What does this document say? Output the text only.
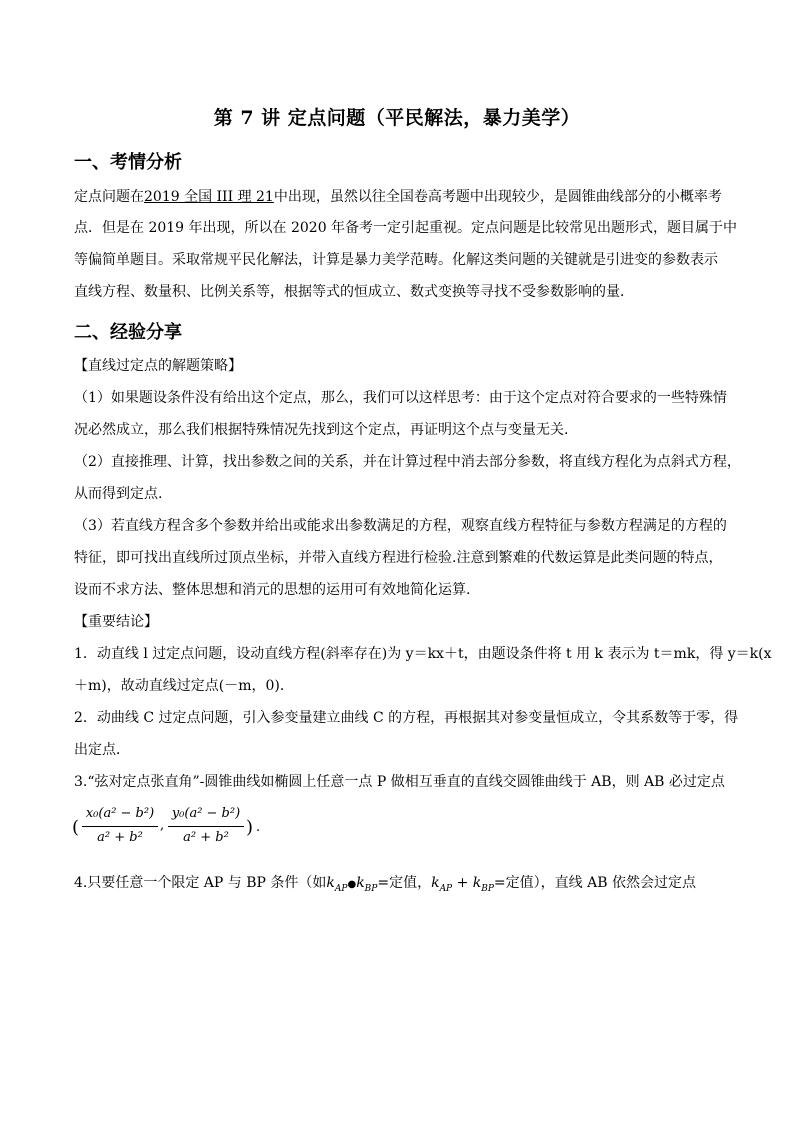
第 7 讲 定点问题（平民解法，暴力美学）
一、考情分析
定点问题在2019 全国 III 理 21中出现，虽然以往全国卷高考题中出现较少，是圆锥曲线部分的小概率考
点．但是在 2019 年出现，所以在 2020 年备考一定引起重视。定点问题是比较常见出题形式，题目属于中
等偏简单题目。采取常规平民化解法，计算是暴力美学范畴。化解这类问题的关键就是引进变的参数表示
直线方程、数量积、比例关系等，根据等式的恒成立、数式变换等寻找不受参数影响的量．
二、经验分享
【直线过定点的解题策略】
（1）如果题设条件没有给出这个定点，那么，我们可以这样思考：由于这个定点对符合要求的一些特殊情
况必然成立，那么我们根据特殊情况先找到这个定点，再证明这个点与变量无关.
（2）直接推理、计算，找出参数之间的关系，并在计算过程中消去部分参数，将直线方程化为点斜式方程，
从而得到定点.
（3）若直线方程含多个参数并给出或能求出参数满足的方程，观察直线方程特征与参数方程满足的方程的
特征，即可找出直线所过顶点坐标，并带入直线方程进行检验.注意到繁难的代数运算是此类问题的特点，
设而不求方法、整体思想和消元的思想的运用可有效地简化运算.
【重要结论】
1．动直线 l 过定点问题，设动直线方程(斜率存在)为 y＝kx＋t，由题设条件将 t 用 k 表示为 t＝mk，得 y＝k(x
＋m)，故动直线过定点(－m，0)．
2．动曲线 C 过定点问题，引入参变量建立曲线 C 的方程，再根据其对参变量恒成立，令其系数等于零，得
出定点．
3.“弦对定点张直角”-圆锥曲线如椭圆上任意一点 P 做相互垂直的直线交圆锥曲线于 AB，则 AB 必过定点
(
x₀(a² − b²)
a² + b²
,
y₀(a² − b²)
a² + b² ) .
4.只要任意一个限定 AP 与 BP 条件（如$k_{AP}●k_{BP}=$定值，$k_{AP} + k_{BP}=$定值），直线 AB 依然会过定点
